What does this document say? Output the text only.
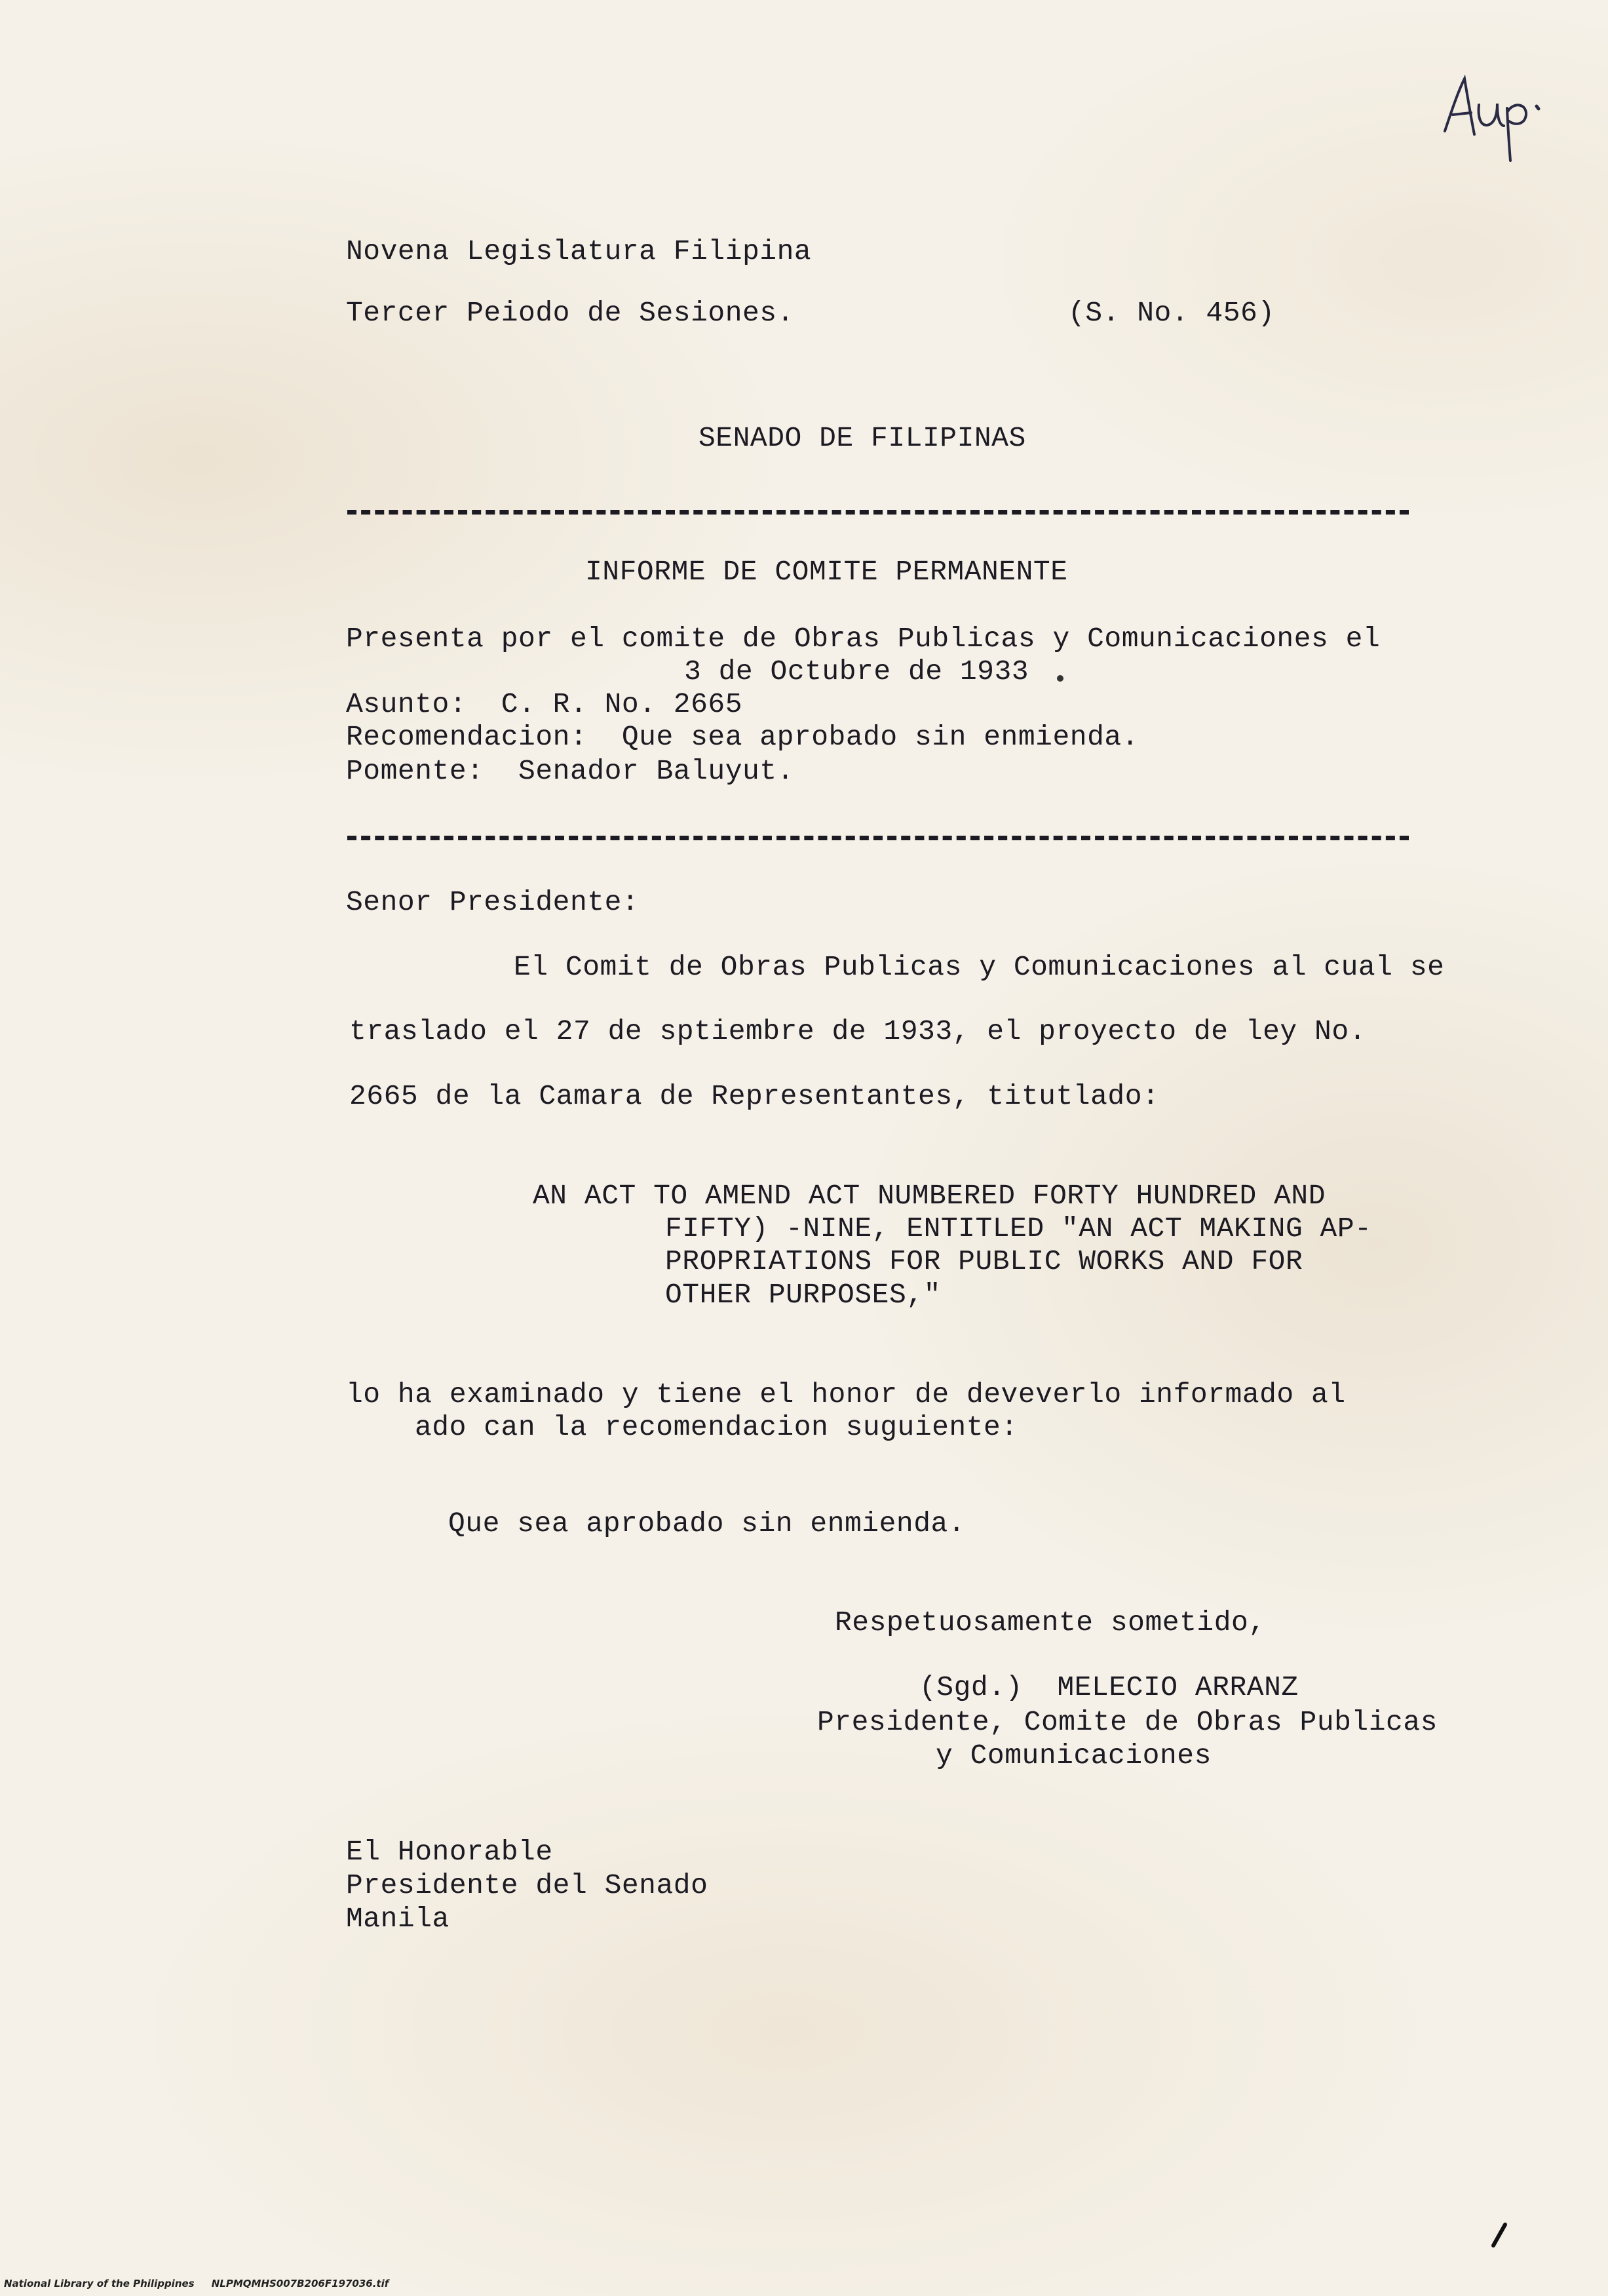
Novena Legislatura Filipina
Tercer Peiodo de Sesiones.	(S. No. 456)
SENADO DE FILIPINAS
INFORME DE COMITE PERMANENTE
Presenta por el comite de Obras Publicas y Comunicaciones el
3 de Octubre de 1933
Asunto:  C. R. No. 2665
Recomendacion:  Que sea aprobado sin enmienda.
Pomente:  Senador Baluyut.
Senor Presidente:
El Comit de Obras Publicas y Comunicaciones al cual se
traslado el 27 de sptiembre de 1933, el proyecto de ley No.
2665 de la Camara de Representantes, titutlado:
AN ACT TO AMEND ACT NUMBERED FORTY HUNDRED AND
FIFTY) -NINE, ENTITLED "AN ACT MAKING AP-
PROPRIATIONS FOR PUBLIC WORKS AND FOR
OTHER PURPOSES,"
lo ha examinado y tiene el honor de deveverlo informado al
ado can la recomendacion suguiente:
Que sea aprobado sin enmienda.
Respetuosamente sometido,
(Sgd.)  MELECIO ARRANZ
Presidente, Comite de Obras Publicas
y Comunicaciones
El Honorable
Presidente del Senado
Manila
National Library of the Philippines NLPMQMHS007B206F197036.tif
